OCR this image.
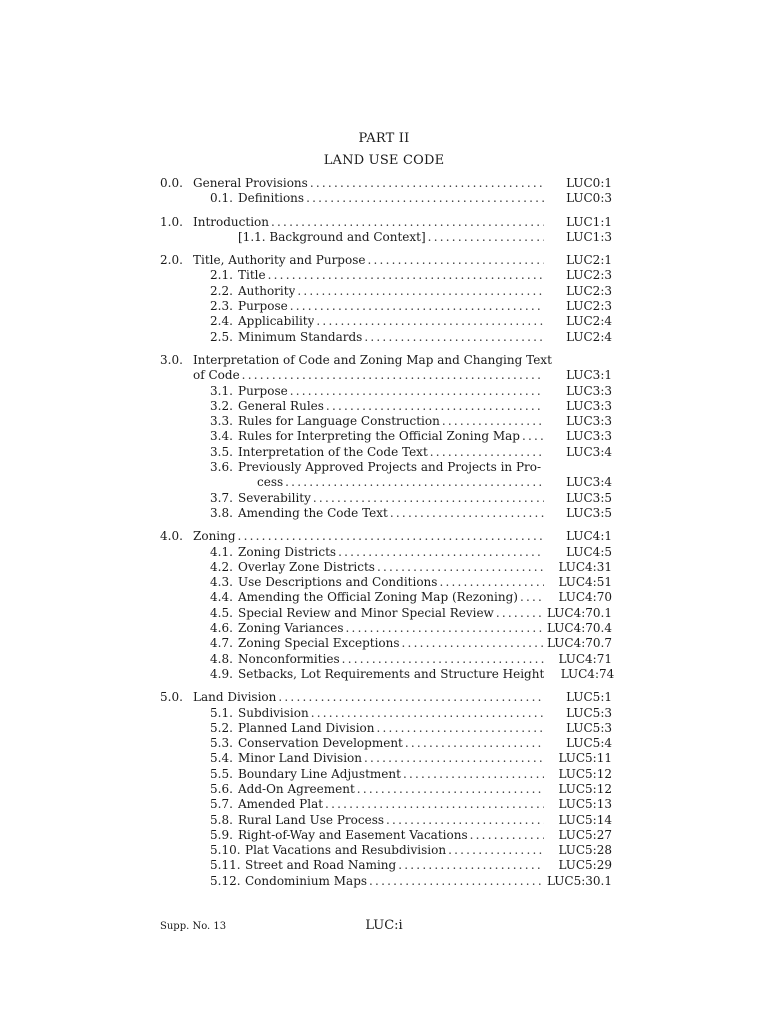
PART II
LAND USE CODE
0.0. General Provisions . . .	LUC0:1
0.1. Definitions . . .	LUC0:3
1.0. Introduction . . .	LUC1:1
[1.1. Background and Context] . . .	LUC1:3
2.0. Title, Authority and Purpose . . .	LUC2:1
2.1. Title . . .	LUC2:3
2.2. Authority . . .	LUC2:3
2.3. Purpose . . .	LUC2:3
2.4. Applicability . . .	LUC2:4
2.5. Minimum Standards . . .	LUC2:4
3.0. Interpretation of Code and Zoning Map and Changing Text
of Code . . .	LUC3:1
3.1. Purpose . . .	LUC3:3
3.2. General Rules . . .	LUC3:3
3.3. Rules for Language Construction . . .	LUC3:3
3.4. Rules for Interpreting the Official Zoning Map . . .	LUC3:3
3.5. Interpretation of the Code Text . . .	LUC3:4
3.6. Previously Approved Projects and Projects in Pro-
cess . . .	LUC3:4
3.7. Severability . . .	LUC3:5
3.8. Amending the Code Text . . .	LUC3:5
4.0. Zoning . . .	LUC4:1
4.1. Zoning Districts . . .	LUC4:5
4.2. Overlay Zone Districts . . .	LUC4:31
4.3. Use Descriptions and Conditions . . .	LUC4:51
4.4. Amending the Official Zoning Map (Rezoning) . . .	LUC4:70
4.5. Special Review and Minor Special Review . . .	LUC4:70.1
4.6. Zoning Variances . . .	LUC4:70.4
4.7. Zoning Special Exceptions . . .	LUC4:70.7
4.8. Nonconformities . . .	LUC4:71
4.9. Setbacks, Lot Requirements and Structure Height	LUC4:74
5.0. Land Division . . .	LUC5:1
5.1. Subdivision . . .	LUC5:3
5.2. Planned Land Division . . .	LUC5:3
5.3. Conservation Development . . .	LUC5:4
5.4. Minor Land Division . . .	LUC5:11
5.5. Boundary Line Adjustment . . .	LUC5:12
5.6. Add-On Agreement . . .	LUC5:12
5.7. Amended Plat . . .	LUC5:13
5.8. Rural Land Use Process . . .	LUC5:14
5.9. Right-of-Way and Easement Vacations . . .	LUC5:27
5.10. Plat Vacations and Resubdivision . . .	LUC5:28
5.11. Street and Road Naming . . .	LUC5:29
5.12. Condominium Maps . . .	LUC5:30.1
Supp. No. 13	LUC:i
